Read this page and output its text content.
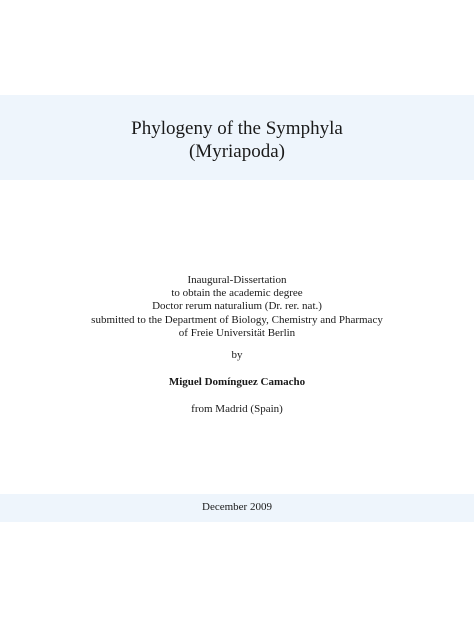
Phylogeny of the Symphyla
(Myriapoda)
Inaugural-Dissertation
to obtain the academic degree
Doctor rerum naturalium (Dr. rer. nat.)
submitted to the Department of Biology, Chemistry and Pharmacy
of Freie Universität Berlin
by
Miguel Domínguez Camacho
from Madrid (Spain)
December 2009
